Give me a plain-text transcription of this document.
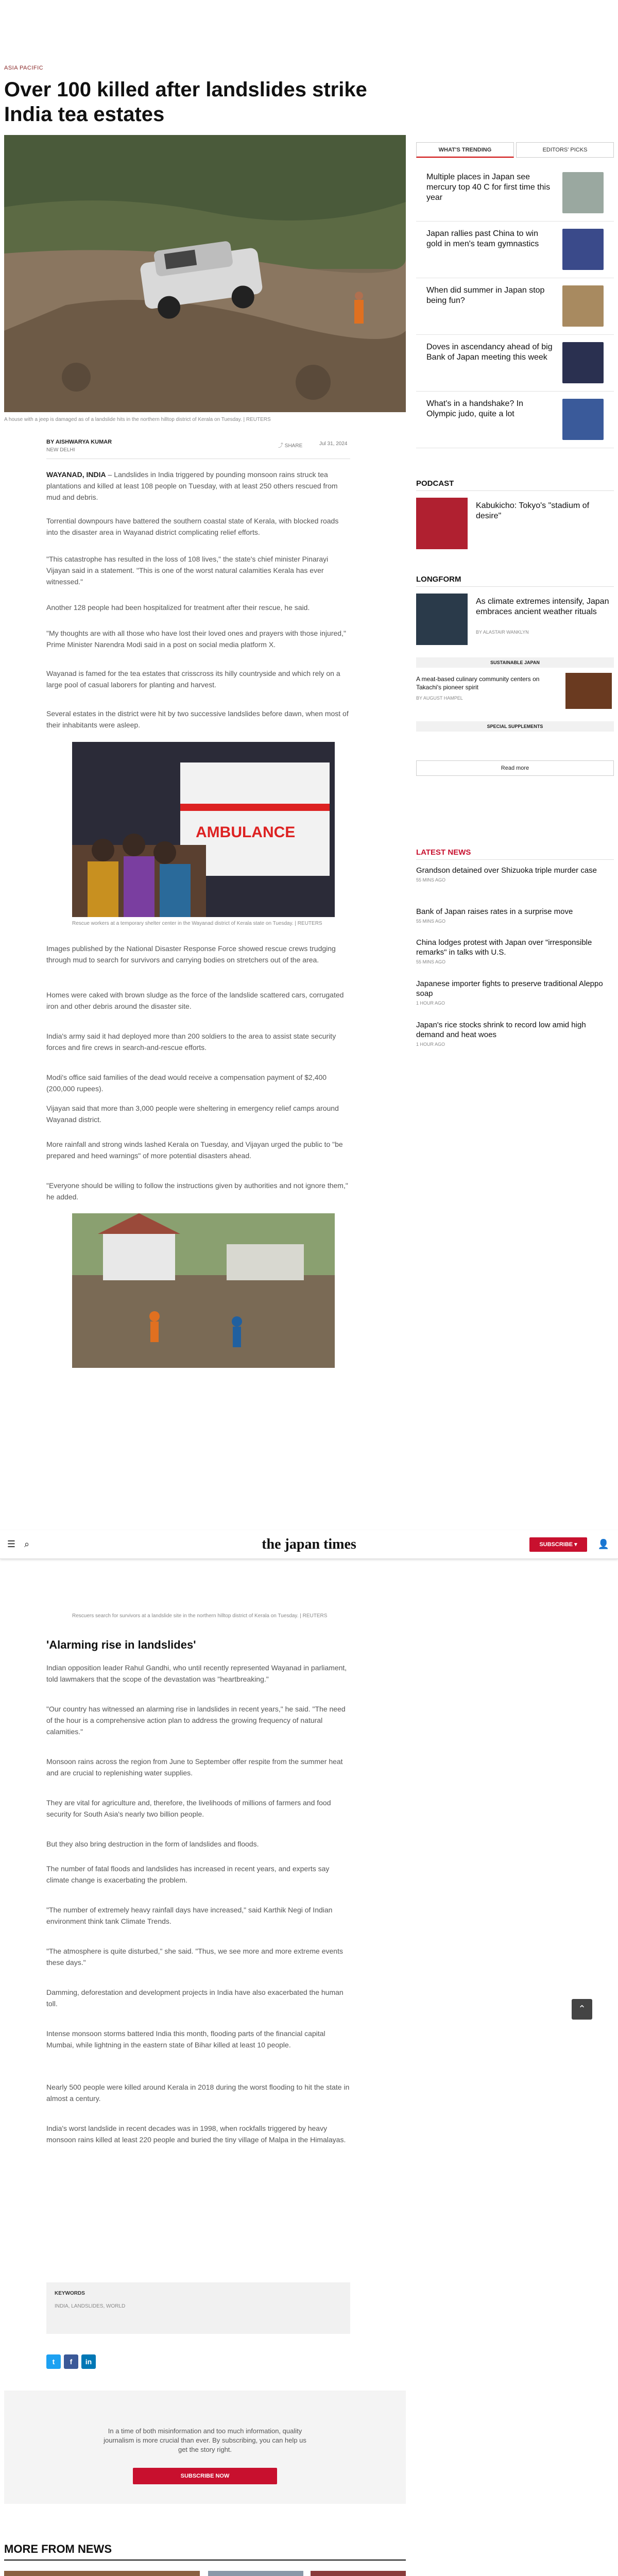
ASIA PACIFIC
Over 100 killed after landslides strike India tea estates

A house with a jeep is damaged as of a landslide hits in the northern hilltop district of Kerala on Tuesday. | REUTERS

BY AISHWARYA KUMAR
NEW DELHI
⤴ SHARE	Jul 31, 2024

WAYANAD, INDIA – Landslides in India triggered by pounding monsoon rains struck tea plantations and killed at least 108 people on Tuesday, with at least 250 others rescued from mud and debris.

Torrential downpours have battered the southern coastal state of Kerala, with blocked roads into the disaster area in Wayanad district complicating relief efforts.

"This catastrophe has resulted in the loss of 108 lives," the state's chief minister Pinarayi Vijayan said in a statement. "This is one of the worst natural calamities Kerala has ever witnessed."

Another 128 people had been hospitalized for treatment after their rescue, he said.

"My thoughts are with all those who have lost their loved ones and prayers with those injured," Prime Minister Narendra Modi said in a post on social media platform X.

Wayanad is famed for the tea estates that crisscross its hilly countryside and which rely on a large pool of casual laborers for planting and harvest.

Several estates in the district were hit by two successive landslides before dawn, when most of their inhabitants were asleep.

AMBULANCE

Rescue workers at a temporary shelter center in the Wayanad district of Kerala state on Tuesday. | REUTERS

Images published by the National Disaster Response Force showed rescue crews trudging through mud to search for survivors and carrying bodies on stretchers out of the area.

Homes were caked with brown sludge as the force of the landslide scattered cars, corrugated iron and other debris around the disaster site.

India's army said it had deployed more than 200 soldiers to the area to assist state security forces and fire crews in search-and-rescue efforts.

Modi's office said families of the dead would receive a compensation payment of $2,400 (200,000 rupees).

Vijayan said that more than 3,000 people were sheltering in emergency relief camps around Wayanad district.

More rainfall and strong winds lashed Kerala on Tuesday, and Vijayan urged the public to "be prepared and heed warnings" of more potential disasters ahead.

"Everyone should be willing to follow the instructions given by authorities and not ignore them," he added.

Rescuers search for survivors at a landslide site in the northern hilltop district of Kerala on Tuesday. | REUTERS

☰ ⌕	the japan times	SUBSCRIBE ▾	👤
'Alarming rise in landslides'

Indian opposition leader Rahul Gandhi, who until recently represented Wayanad in parliament, told lawmakers that the scope of the devastation was "heartbreaking."

"Our country has witnessed an alarming rise in landslides in recent years," he said. "The need of the hour is a comprehensive action plan to address the growing frequency of natural calamities."

Monsoon rains across the region from June to September offer respite from the summer heat and are crucial to replenishing water supplies.

They are vital for agriculture and, therefore, the livelihoods of millions of farmers and food security for South Asia's nearly two billion people.

But they also bring destruction in the form of landslides and floods.

The number of fatal floods and landslides has increased in recent years, and experts say climate change is exacerbating the problem.

"The number of extremely heavy rainfall days have increased," said Karthik Negi of Indian environment think tank Climate Trends.

"The atmosphere is quite disturbed," she said. "Thus, we see more and more extreme events these days."

Damming, deforestation and development projects in India have also exacerbated the human toll.

Intense monsoon storms battered India this month, flooding parts of the financial capital Mumbai, while lightning in the eastern state of Bihar killed at least 10 people.

Nearly 500 people were killed around Kerala in 2018 during the worst flooding to hit the state in almost a century.

India's worst landslide in recent decades was in 1998, when rockfalls triggered by heavy monsoon rains killed at least 220 people and buried the tiny village of Malpa in the Himalayas.

KEYWORDS
INDIA, LANDSLIDES, WORLD
t	f	in
⌃
In a time of both misinformation and too much information, quality journalism is more crucial than ever. By subscribing, you can help us get the story right.
SUBSCRIBE NOW
MORE FROM NEWS
WHAT'S TRENDING	EDITORS' PICKS
Multiple places in Japan see mercury top 40 C for first time this year
Japan rallies past China to win gold in men's team gymnastics
When did summer in Japan stop being fun?
Doves in ascendancy ahead of big Bank of Japan meeting this week
What's in a handshake? In Olympic judo, quite a lot
PODCAST
Kabukicho: Tokyo's "stadium of desire"
LONGFORM
As climate extremes intensify, Japan embraces ancient weather rituals
BY ALASTAIR WANKLYN
SUSTAINABLE JAPAN
A meat-based culinary community centers on Takachi's pioneer spirit
BY AUGUST HAMPEL
SPECIAL SUPPLEMENTS
Read more
LATEST NEWS
Grandson detained over Shizuoka triple murder case
55 MINS AGO
Bank of Japan raises rates in a surprise move
55 MINS AGO
China lodges protest with Japan over "irresponsible remarks" in talks with U.S.
55 MINS AGO
Japanese importer fights to preserve traditional Aleppo soap
1 HOUR AGO
Japan's rice stocks shrink to record low amid high demand and heat woes
1 HOUR AGO
